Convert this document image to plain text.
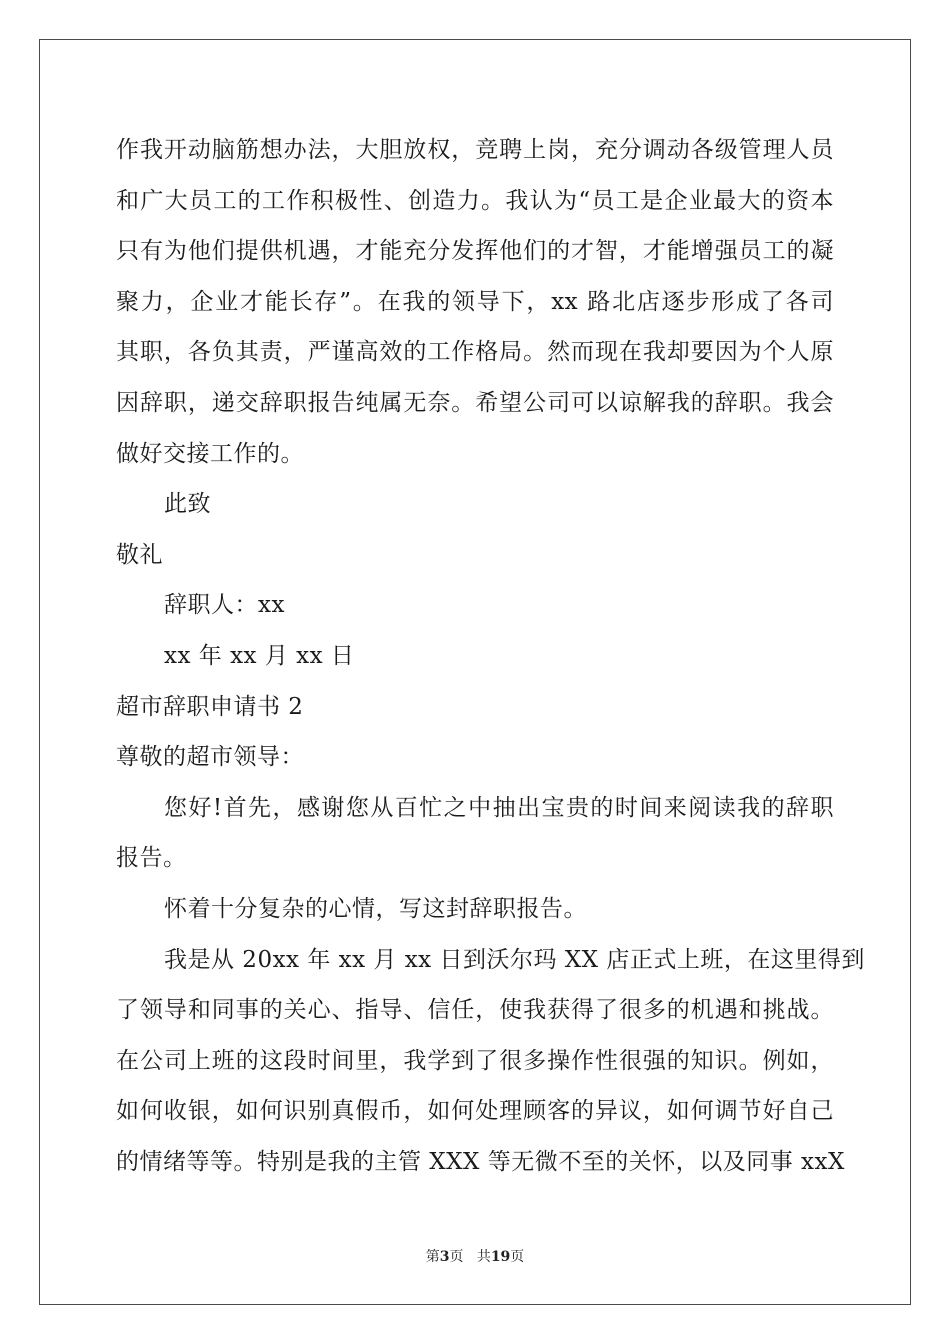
作我开动脑筋想办法，大胆放权，竞聘上岗，充分调动各级管理人员
和广大员工的工作积极性、创造力。我认为“员工是企业最大的资本
只有为他们提供机遇，才能充分发挥他们的才智，才能增强员工的凝
聚力，企业才能长存”。在我的领导下，xx 路北店逐步形成了各司
其职，各负其责，严谨高效的工作格局。然而现在我却要因为个人原
因辞职，递交辞职报告纯属无奈。希望公司可以谅解我的辞职。我会
做好交接工作的。
此致
敬礼
辞职人：xx
xx 年 xx 月 xx 日
超市辞职申请书 2
尊敬的超市领导：
您好!首先，感谢您从百忙之中抽出宝贵的时间来阅读我的辞职
报告。
怀着十分复杂的心情，写这封辞职报告。
我是从 20xx 年 xx 月 xx 日到沃尔玛 XX 店正式上班，在这里得到
了领导和同事的关心、指导、信任，使我获得了很多的机遇和挑战。
在公司上班的这段时间里，我学到了很多操作性很强的知识。例如，
如何收银，如何识别真假币，如何处理顾客的异议，如何调节好自己
的情绪等等。特别是我的主管 XXX 等无微不至的关怀，以及同事 xxX
第3页 共19页
